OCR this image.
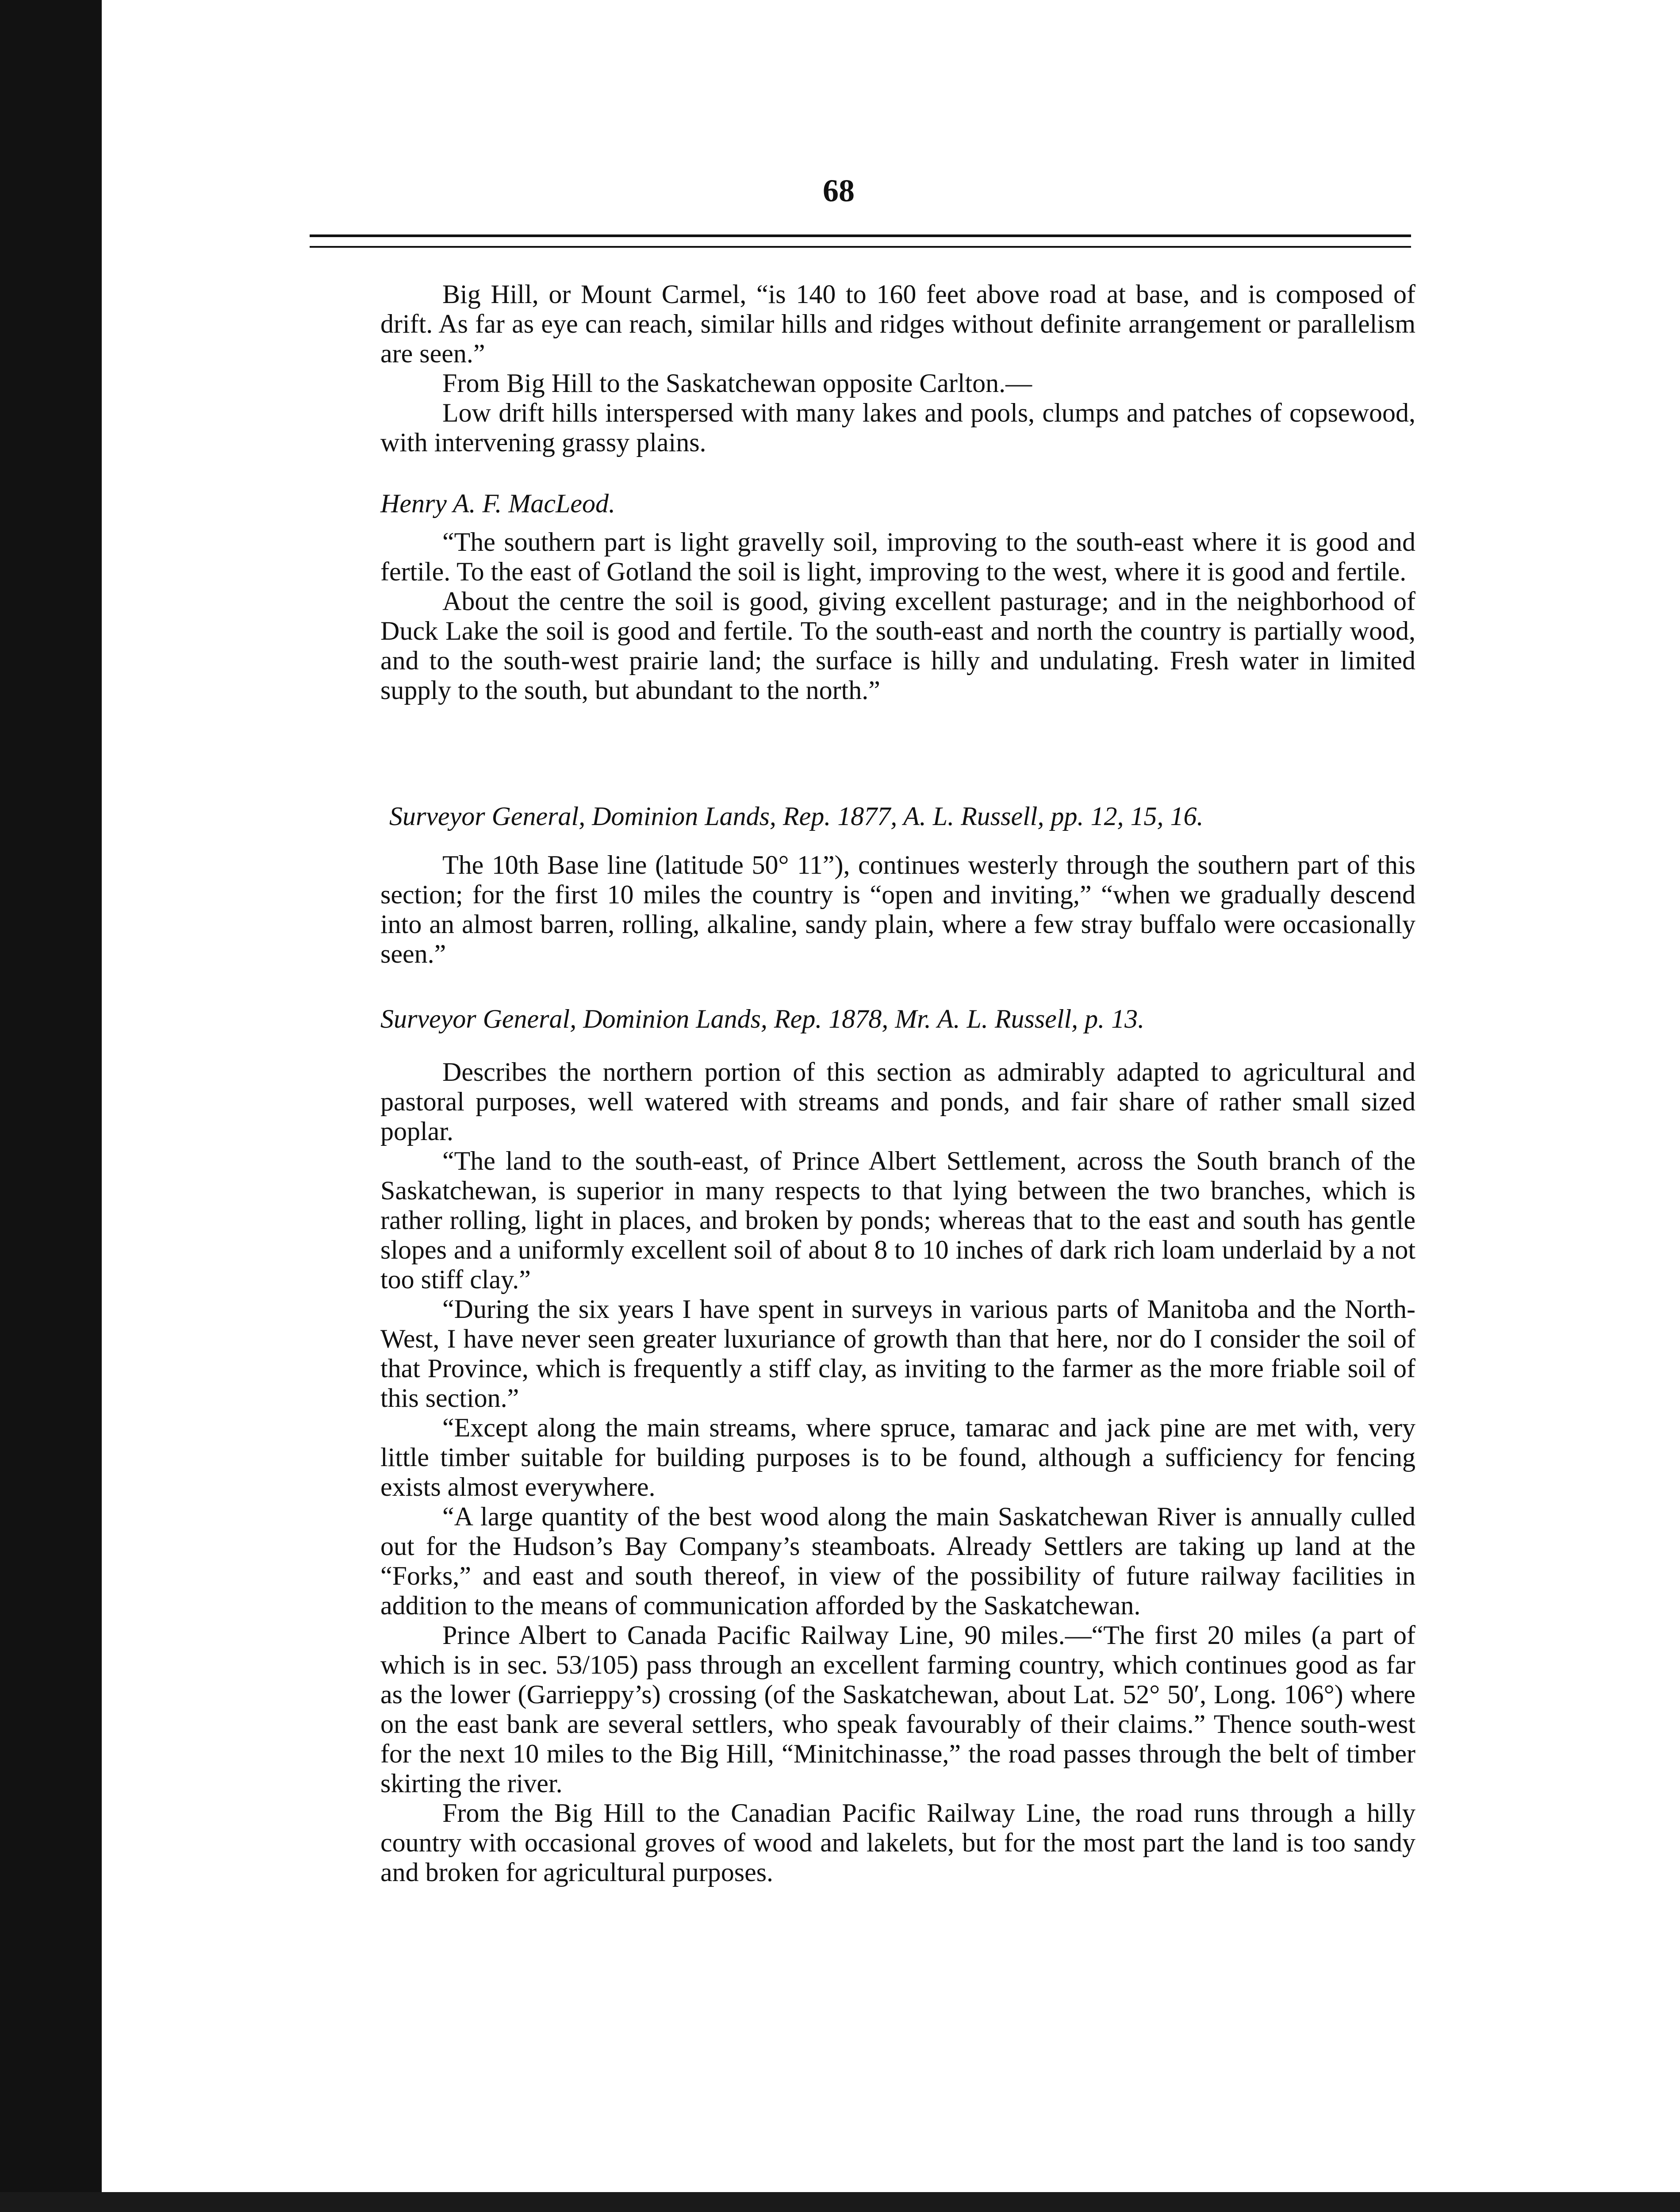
68

Big Hill, or Mount Carmel, “is 140 to 160 feet above road at base, and is composed of drift. As far as eye can reach, similar hills and ridges without definite arrangement or parallelism are seen.”

From Big Hill to the Saskatchewan opposite Carlton.—

Low drift hills interspersed with many lakes and pools, clumps and patches of copsewood, with intervening grassy plains.

Henry A. F. MacLeod.

“The southern part is light gravelly soil, improving to the south-east where it is good and fertile. To the east of Gotland the soil is light, improving to the west, where it is good and fertile.

About the centre the soil is good, giving excellent pasturage; and in the neighborhood of Duck Lake the soil is good and fertile. To the south-east and north the country is partially wood, and to the south-west prairie land; the surface is hilly and undulating. Fresh water in limited supply to the south, but abundant to the north.”

Surveyor General, Dominion Lands, Rep. 1877, A. L. Russell, pp. 12, 15, 16.

The 10th Base line (latitude 50° 11”), continues westerly through the southern part of this section; for the first 10 miles the country is “open and inviting,” “when we gradually descend into an almost barren, rolling, alkaline, sandy plain, where a few stray buffalo were occasionally seen.”

Surveyor General, Dominion Lands, Rep. 1878, Mr. A. L. Russell, p. 13.

Describes the northern portion of this section as admirably adapted to agricultural and pastoral purposes, well watered with streams and ponds, and fair share of rather small sized poplar.

“The land to the south-east, of Prince Albert Settlement, across the South branch of the Saskatchewan, is superior in many respects to that lying between the two branches, which is rather rolling, light in places, and broken by ponds; whereas that to the east and south has gentle slopes and a uniformly excellent soil of about 8 to 10 inches of dark rich loam underlaid by a not too stiff clay.”

“During the six years I have spent in surveys in various parts of Manitoba and the North-West, I have never seen greater luxuriance of growth than that here, nor do I consider the soil of that Province, which is frequently a stiff clay, as inviting to the farmer as the more friable soil of this section.”

“Except along the main streams, where spruce, tamarac and jack pine are met with, very little timber suitable for building purposes is to be found, although a sufficiency for fencing exists almost everywhere.

“A large quantity of the best wood along the main Saskatchewan River is annually culled out for the Hudson’s Bay Company’s steamboats. Already Settlers are taking up land at the “Forks,” and east and south thereof, in view of the possibility of future railway facilities in addition to the means of communication afforded by the Saskatchewan.

Prince Albert to Canada Pacific Railway Line, 90 miles.—“The first 20 miles (a part of which is in sec. 53/105) pass through an excellent farming country, which continues good as far as the lower (Garrieppy’s) crossing (of the Saskatchewan, about Lat. 52° 50′, Long. 106°) where on the east bank are several settlers, who speak favourably of their claims.” Thence south-west for the next 10 miles to the Big Hill, “Minitchinasse,” the road passes through the belt of timber skirting the river.

From the Big Hill to the Canadian Pacific Railway Line, the road runs through a hilly country with occasional groves of wood and lakelets, but for the most part the land is too sandy and broken for agricultural purposes.
